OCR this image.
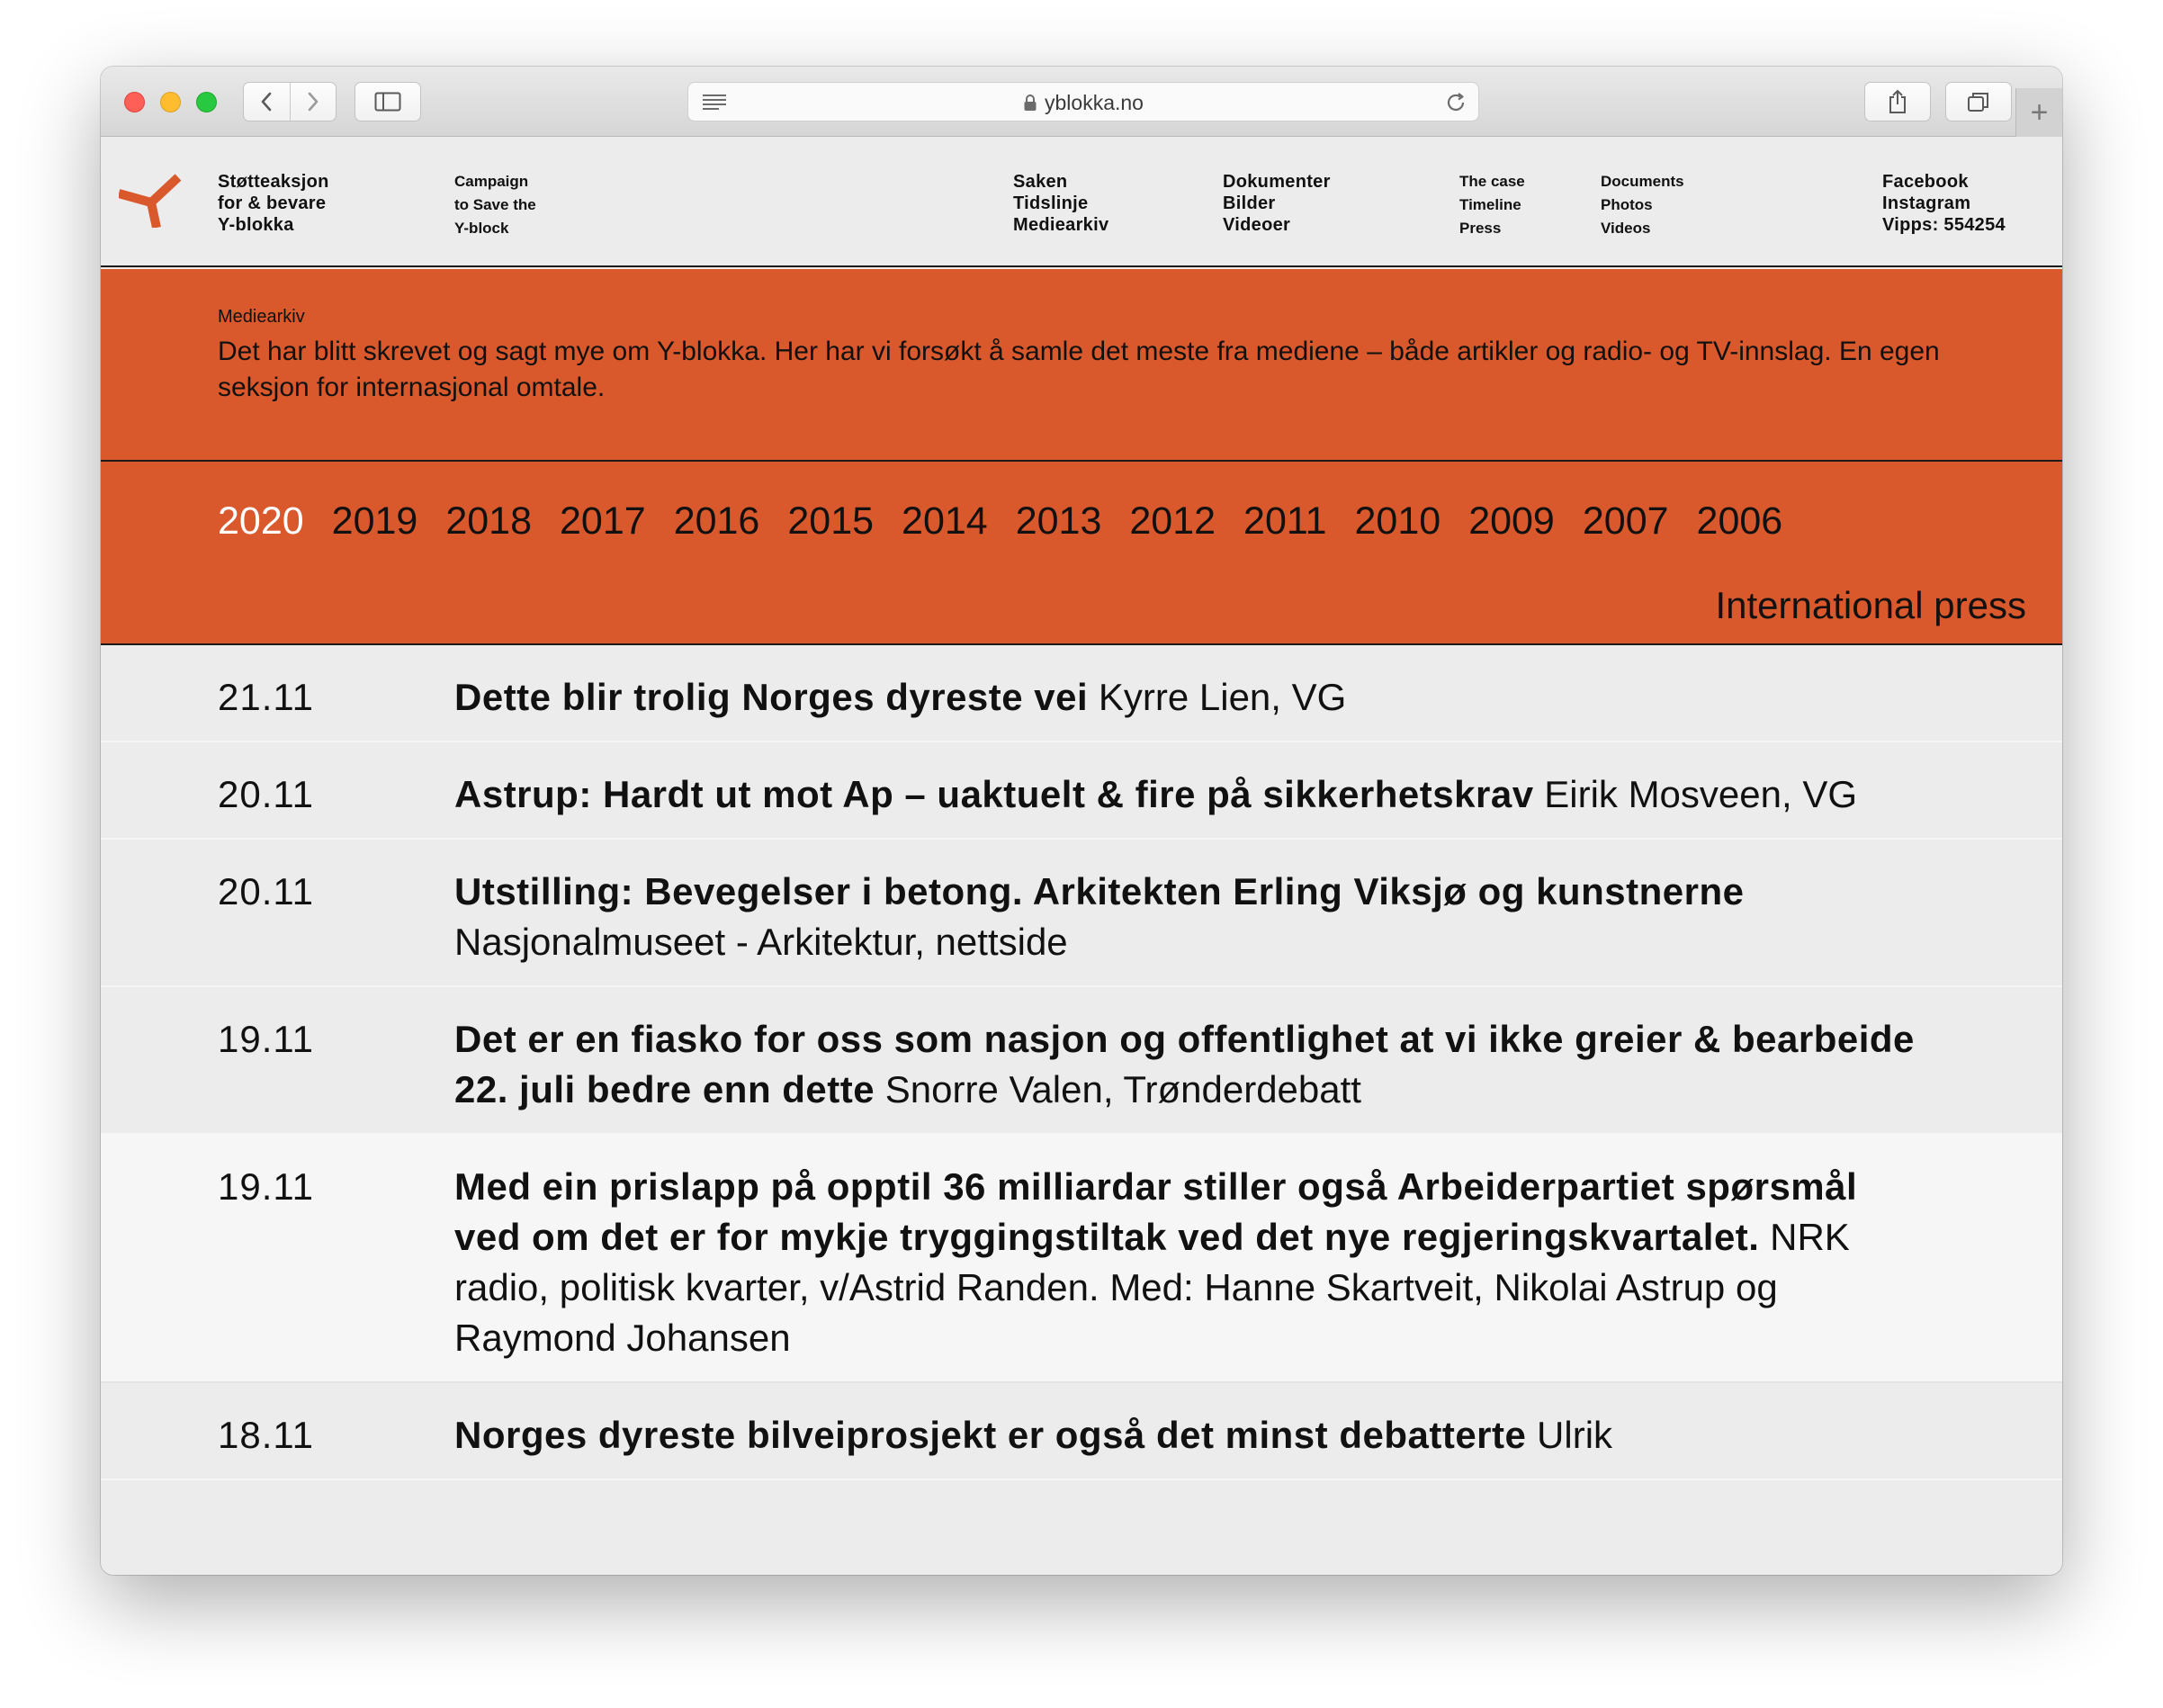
yblokka.no	+
Støtteaksjon
for & bevare
Y-blokka
Campaign
to Save the
Y-block
Saken
Tidslinje
Mediearkiv
Dokumenter
Bilder
Videoer
The case
Timeline
Press
Documents
Photos
Videos
Facebook
Instagram
Vipps: 554254
Mediearkiv
Det har blitt skrevet og sagt mye om Y-blokka. Her har vi forsøkt å samle det meste fra mediene – både artikler og radio- og TV-innslag. En egen seksjon for internasjonal omtale.
2020 2019 2018 2017 2016 2015 2014 2013 2012 2011 2010 2009 2007 2006
International press
21.11	Dette blir trolig Norges dyreste vei Kyrre Lien, VG
20.11	Astrup: Hardt ut mot Ap – uaktuelt & fire på sikkerhetskrav Eirik Mosveen, VG
20.11	Utstilling: Bevegelser i betong. Arkitekten Erling Viksjø og kunstnerne Nasjonalmuseet - Arkitektur, nettside
19.11	Det er en fiasko for oss som nasjon og offentlighet at vi ikke greier & bearbeide 22. juli bedre enn dette Snorre Valen, Trønderdebatt
19.11	Med ein prislapp på opptil 36 milliardar stiller også Arbeiderpartiet spørsmål ved om det er for mykje tryggingstiltak ved det nye regjeringskvartalet. NRK radio, politisk kvarter, v/Astrid Randen. Med: Hanne Skartveit, Nikolai Astrup og Raymond Johansen
18.11	Norges dyreste bilveiprosjekt er også det minst debatterte Ulrik
